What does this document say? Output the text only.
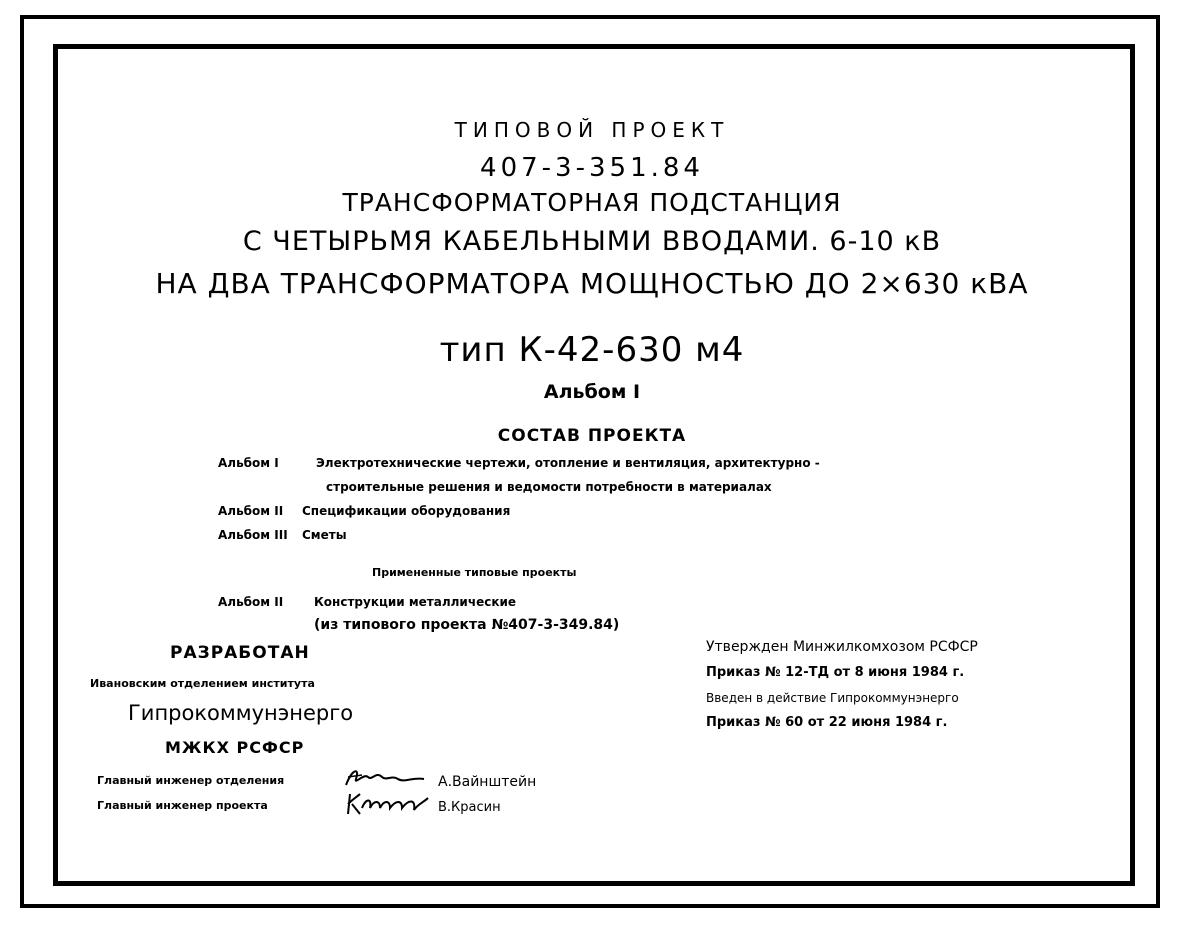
ТИПОВОЙ ПРОЕКТ
407-3-351.84
ТРАНСФОРМАТОРНАЯ ПОДСТАНЦИЯ
С ЧЕТЫРЬМЯ КАБЕЛЬНЫМИ ВВОДАМИ. 6-10 кВ
НА ДВА ТРАНСФОРМАТОРА МОЩНОСТЬЮ ДО 2×630 кВА
тип К-42-630 м4
Альбом I
СОСТАВ ПРОЕКТА
Альбом I	Электротехнические чертежи, отопление и вентиляция, архитектурно -
строительные решения и ведомости потребности в материалах
Альбом II Спецификации оборудования
Альбом III Сметы
Примененные типовые проекты
Альбом II	Конструкции металлические
(из типового проекта №407-3-349.84)
РАЗРАБОТАН
Ивановским отделением института
Гипрокоммунэнерго
МЖКХ РСФСР
Главный инженер отделения	А.Вайнштейн
Главный инженер проекта	В.Красин
Утвержден Минжилкомхозом РСФСР
Приказ № 12-ТД от 8 июня 1984 г.
Введен в действие Гипрокоммунэнерго
Приказ № 60 от 22 июня 1984 г.
